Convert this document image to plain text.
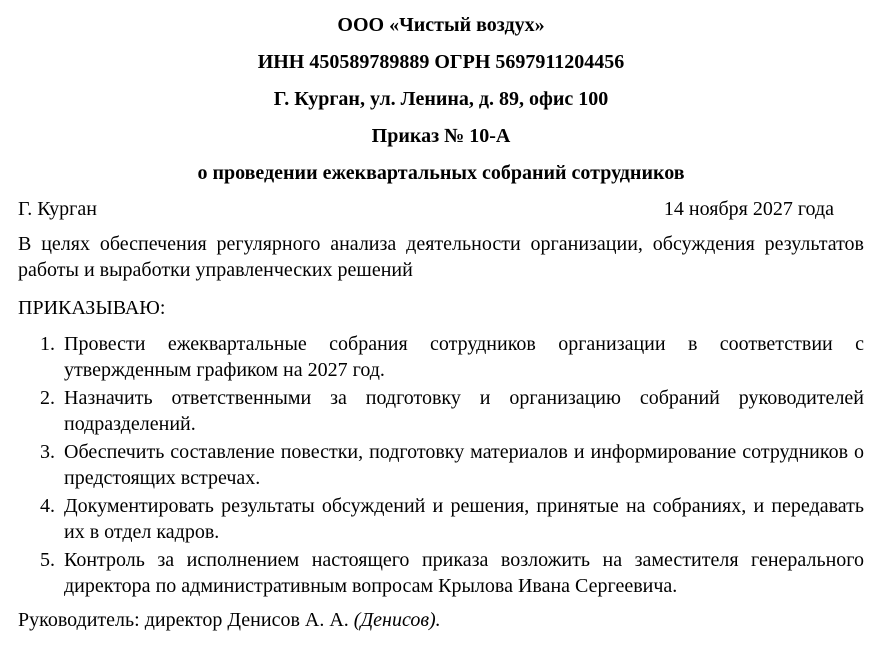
ООО «Чистый воздух»

ИНН 450589789889 ОГРН 5697911204456

Г. Курган, ул. Ленина, д. 89, офис 100

Приказ № 10-А

о проведении ежеквартальных собраний сотрудников

Г. Курган	14 ноября 2027 года

В целях обеспечения регулярного анализа деятельности организации, обсуждения результатов работы и выработки управленческих решений

ПРИКАЗЫВАЮ:

1. Провести ежеквартальные собрания сотрудников организации в соответствии с утвержденным графиком на 2027 год.
2. Назначить ответственными за подготовку и организацию собраний руководителей подразделений.
3. Обеспечить составление повестки, подготовку материалов и информирование сотрудников о предстоящих встречах.
4. Документировать результаты обсуждений и решения, принятые на собраниях, и передавать их в отдел кадров.
5. Контроль за исполнением настоящего приказа возложить на заместителя генерального директора по административным вопросам Крылова Ивана Сергеевича.

Руководитель: директор Денисов А. А. (Денисов).
